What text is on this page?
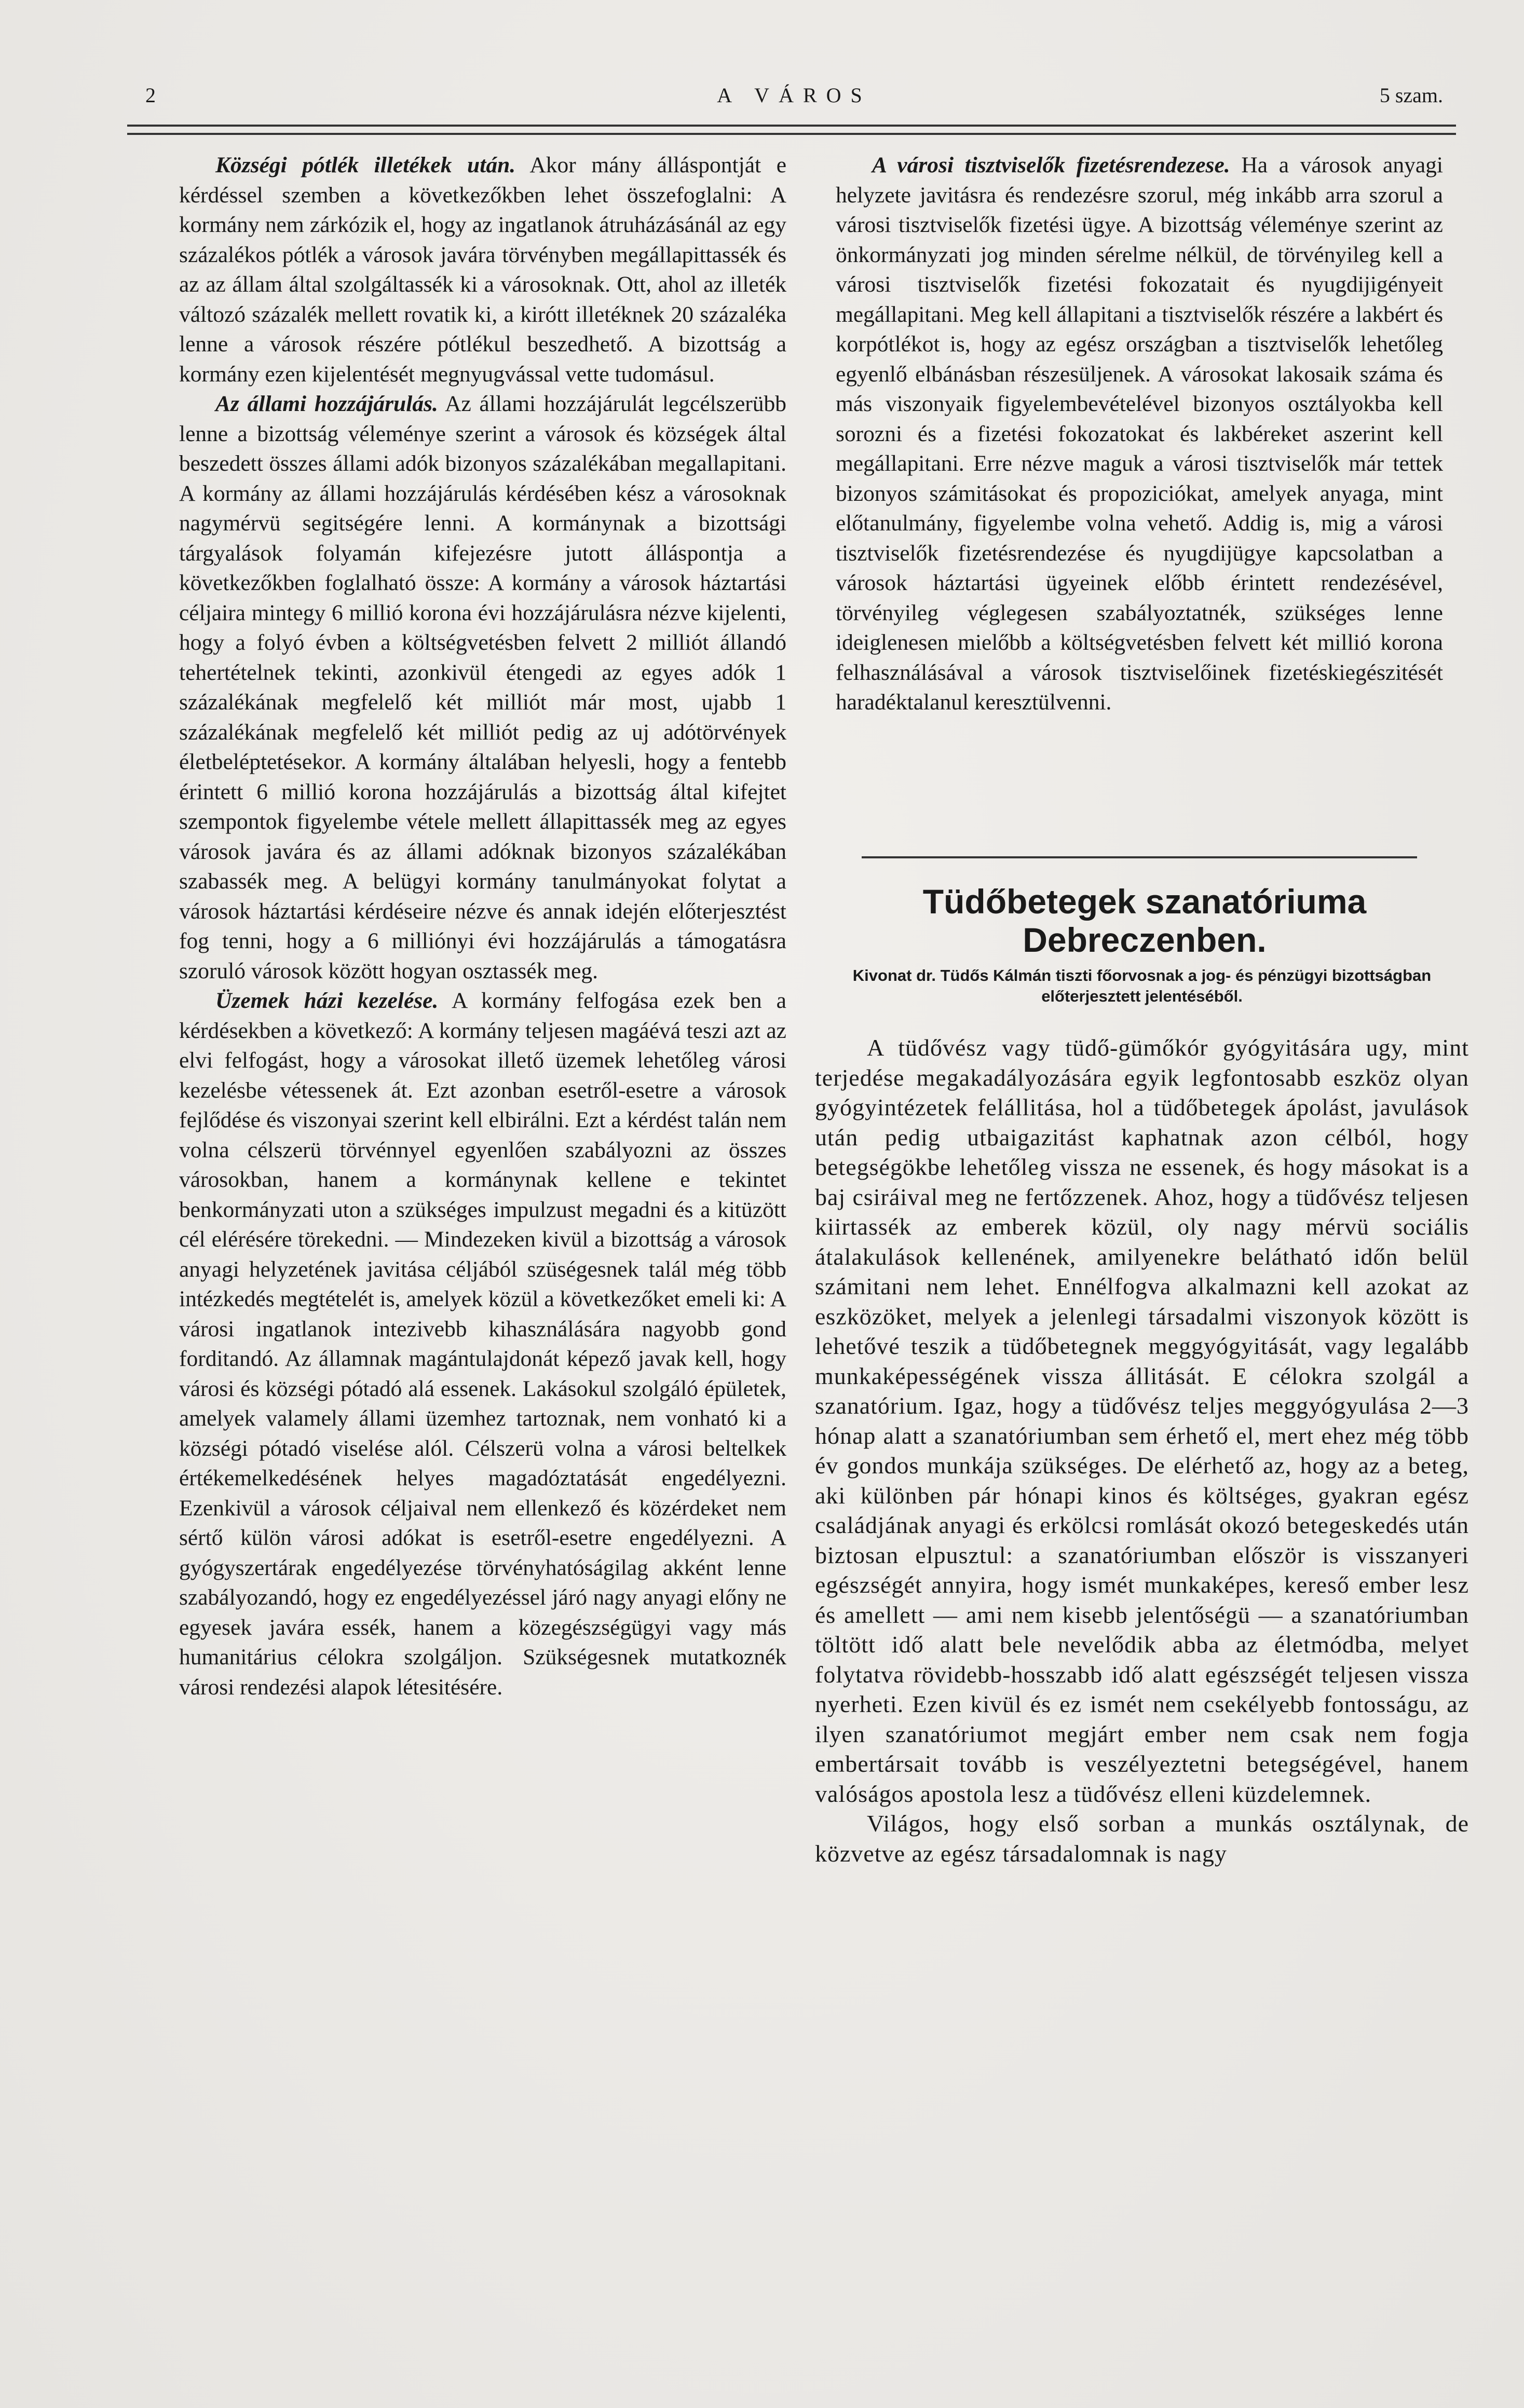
2	A VÁROS	5 szam.

Községi pótlék illetékek után. Akor mány álláspontját e kérdéssel szemben a következőkben lehet összefoglalni: A kormány nem zárkózik el, hogy az ingatlanok átruházásánál az egy százalékos pótlék a városok javára törvényben megállapittassék és az az állam által szolgáltassék ki a városoknak. Ott, ahol az illeték változó százalék mellett rovatik ki, a kirótt illetéknek 20 százaléka lenne a városok részére pótlékul beszedhető. A bizottság a kormány ezen kijelentését megnyugvással vette tudomásul.

Az állami hozzájárulás. Az állami hozzájárulát legcélszerübb lenne a bizottság véleménye szerint a városok és községek által beszedett összes állami adók bizonyos százalékában megallapitani. A kormány az állami hozzájárulás kérdésében kész a városoknak nagymérvü segitségére lenni. A kormánynak a bizottsági tárgyalások folyamán kifejezésre jutott álláspontja a következőkben foglalható össze: A kormány a városok háztartási céljaira mintegy 6 millió korona évi hozzájárulásra nézve kijelenti, hogy a folyó évben a költségvetésben felvett 2 milliót állandó tehertételnek tekinti, azonkivül étengedi az egyes adók 1 százalékának megfelelő két milliót már most, ujabb 1 százalékának megfelelő két milliót pedig az uj adótörvények életbeléptetésekor. A kormány általában helyesli, hogy a fentebb érintett 6 millió korona hozzájárulás a bizottság által kifejtet szempontok figyelembe vétele mellett állapittassék meg az egyes városok javára és az állami adóknak bizonyos százalékában szabassék meg. A belügyi kormány tanulmányokat folytat a városok háztartási kérdéseire nézve és annak idején előterjesztést fog tenni, hogy a 6 milliónyi évi hozzájárulás a támogatásra szoruló városok között hogyan osztassék meg.

Üzemek házi kezelése. A kormány felfogása ezek ben a kérdésekben a következő: A kormány teljesen magáévá teszi azt az elvi felfogást, hogy a városokat illető üzemek lehetőleg városi kezelésbe vétessenek át. Ezt azonban esetről-esetre a városok fejlődése és viszonyai szerint kell elbirálni. Ezt a kérdést talán nem volna célszerü törvénnyel egyenlően szabályozni az összes városokban, hanem a kormánynak kellene e tekintet benkormányzati uton a szükséges impulzust megadni és a kitüzött cél elérésére törekedni. — Mindezeken kivül a bizottság a városok anyagi helyzetének javitása céljából szüségesnek talál még több intézkedés megtételét is, amelyek közül a következőket emeli ki: A városi ingatlanok intezivebb kihasználására nagyobb gond forditandó. Az államnak magántulajdonát képező javak kell, hogy városi és községi pótadó alá essenek. Lakásokul szolgáló épületek, amelyek valamely állami üzemhez tartoznak, nem vonható ki a községi pótadó viselése alól. Célszerü volna a városi beltelkek értékemelkedésének helyes magadóztatását engedélyezni. Ezenkivül a városok céljaival nem ellenkező és közérdeket nem sértő külön városi adókat is esetről-esetre engedélyezni. A gyógyszertárak engedélyezése törvényhatóságilag akként lenne szabályozandó, hogy ez engedélyezéssel járó nagy anyagi előny ne egyesek javára essék, hanem a közegészségügyi vagy más humanitárius célokra szolgáljon. Szükségesnek mutatkoznék városi rendezési alapok létesitésére.

A városi tisztviselők fizetésrendezese. Ha a városok anyagi helyzete javitásra és rendezésre szorul, még inkább arra szorul a városi tisztviselők fizetési ügye. A bizottság véleménye szerint az önkormányzati jog minden sérelme nélkül, de törvényileg kell a városi tisztviselők fizetési fokozatait és nyugdijigényeit megállapitani. Meg kell állapitani a tisztviselők részére a lakbért és korpótlékot is, hogy az egész országban a tisztviselők lehetőleg egyenlő elbánásban részesüljenek. A városokat lakosaik száma és más viszonyaik figyelembevételével bizonyos osztályokba kell sorozni és a fizetési fokozatokat és lakbéreket aszerint kell megállapitani. Erre nézve maguk a városi tisztviselők már tettek bizonyos számitásokat és propoziciókat, amelyek anyaga, mint előtanulmány, figyelembe volna vehető. Addig is, mig a városi tisztviselők fizetésrendezése és nyugdijügye kapcsolatban a városok háztartási ügyeinek előbb érintett rendezésével, törvényileg véglegesen szabályoztatnék, szükséges lenne ideiglenesen mielőbb a költségvetésben felvett két millió korona felhasználásával a városok tisztviselőinek fizetéskiegészitését haradéktalanul keresztülvenni.

Tüdőbetegek szanatóriuma Debreczenben.
Kivonat dr. Tüdős Kálmán tiszti főorvosnak a jog- és pénzügyi bizottságban előterjesztett jelentéséből.

A tüdővész vagy tüdő-gümőkór gyógyitására ugy, mint terjedése megakadályozására egyik legfontosabb eszköz olyan gyógyintézetek felállitása, hol a tüdőbetegek ápolást, javulások után pedig utbaigazitást kaphatnak azon célból, hogy betegségökbe lehetőleg vissza ne essenek, és hogy másokat is a baj csiráival meg ne fertőzzenek. Ahoz, hogy a tüdővész teljesen kiirtassék az emberek közül, oly nagy mérvü sociális átalakulások kellenének, amilyenekre belátható időn belül számitani nem lehet. Ennélfogva alkalmazni kell azokat az eszközöket, melyek a jelenlegi társadalmi viszonyok között is lehetővé teszik a tüdőbetegnek meggyógyitását, vagy legalább munkaképességének vissza állitását. E célokra szolgál a szanatórium. Igaz, hogy a tüdővész teljes meggyógyulása 2—3 hónap alatt a szanatóriumban sem érhető el, mert ehez még több év gondos munkája szükséges. De elérhető az, hogy az a beteg, aki különben pár hónapi kinos és költséges, gyakran egész családjának anyagi és erkölcsi romlását okozó betegeskedés után biztosan elpusztul: a szanatóriumban először is visszanyeri egészségét annyira, hogy ismét munkaképes, kereső ember lesz és amellett — ami nem kisebb jelentőségü — a szanatóriumban töltött idő alatt bele nevelődik abba az életmódba, melyet folytatva rövidebb-hosszabb idő alatt egészségét teljesen vissza nyerheti. Ezen kivül és ez ismét nem csekélyebb fontosságu, az ilyen szanatóriumot megjárt ember nem csak nem fogja embertársait tovább is veszélyeztetni betegségével, hanem valóságos apostola lesz a tüdővész elleni küzdelemnek.

Világos, hogy első sorban a munkás osztálynak, de közvetve az egész társadalomnak is nagy
